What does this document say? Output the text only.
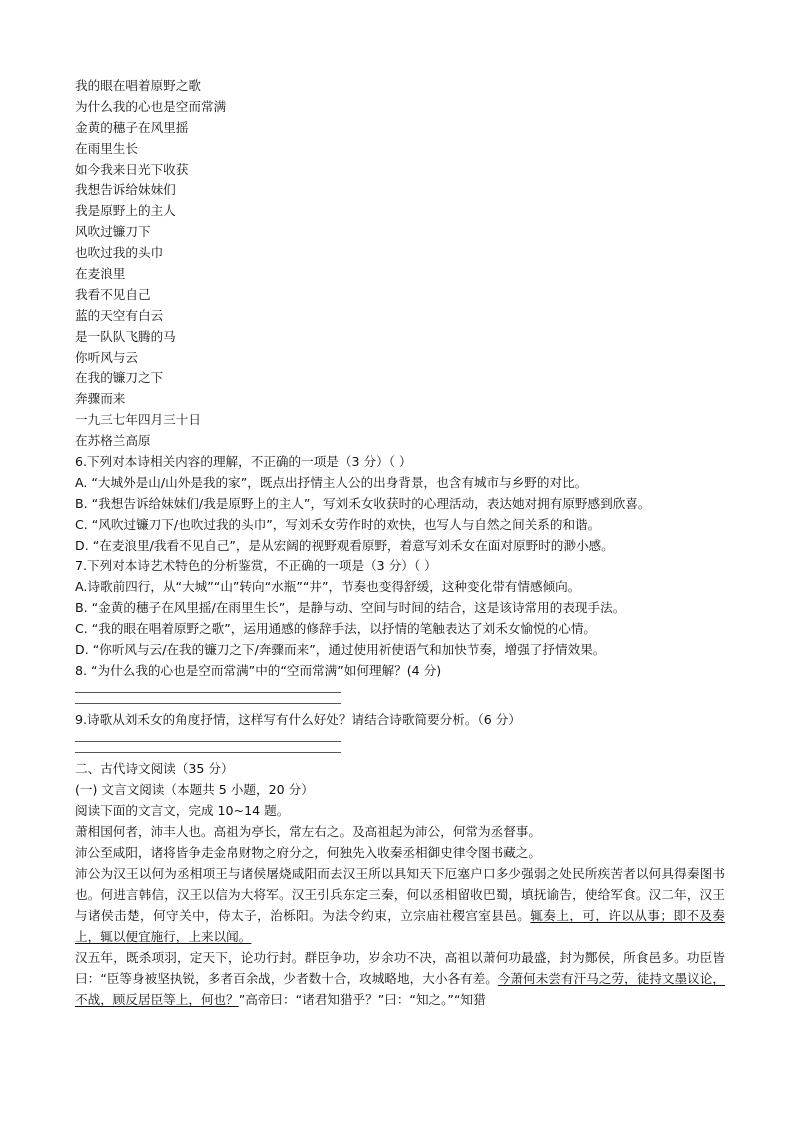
我的眼在唱着原野之歌
为什么我的心也是空而常满
金黄的穗子在风里摇
在雨里生长
如今我来日光下收获
我想告诉给妹妹们
我是原野上的主人
风吹过镰刀下
也吹过我的头巾
在麦浪里
我看不见自己
蓝的天空有白云
是一队队飞腾的马
你听风与云
在我的镰刀之下
奔骤而来
一九三七年四月三十日
在苏格兰高原
6.下列对本诗相关内容的理解，不正确的一项是（3 分）（ ）
A. “大城外是山/山外是我的家”，既点出抒情主人公的出身背景，也含有城市与乡野的对比。
B. “我想告诉给妹妹们/我是原野上的主人”，写刘禾女收获时的心理活动，表达她对拥有原野感到欣喜。
C. “风吹过镰刀下/也吹过我的头巾”，写刘禾女劳作时的欢快，也写人与自然之间关系的和谐。
D. “在麦浪里/我看不见自己”，是从宏阔的视野观看原野，着意写刘禾女在面对原野时的渺小感。
7.下列对本诗艺术特色的分析鉴赏，不正确的一项是（3 分）（ ）
A.诗歌前四行，从“大城”“山”转向“水瓶”“井”，节奏也变得舒缓，这种变化带有情感倾向。
B. “金黄的穗子在风里摇/在雨里生长”，是静与动、空间与时间的结合，这是该诗常用的表现手法。
C. “我的眼在唱着原野之歌”，运用通感的修辞手法，以抒情的笔触表达了刘禾女愉悦的心情。
D. “你听风与云/在我的镰刀之下/奔骤而来”，通过使用祈使语气和加快节奏，增强了抒情效果。
8. “为什么我的心也是空而常满”中的“空而常满”如何理解？(4 分)
9.诗歌从刘禾女的角度抒情，这样写有什么好处？请结合诗歌简要分析。（6 分）
二、古代诗文阅读（35 分）
(一) 文言文阅读（本题共 5 小题，20 分）
阅读下面的文言文，完成 10~14 题。
萧相国何者，沛丰人也。高祖为亭长，常左右之。及高祖起为沛公，何常为丞督事。
沛公至咸阳，诸将皆争走金帛财物之府分之，何独先入收秦丞相御史律令图书藏之。
沛公为汉王以何为丞相项王与诸侯屠烧咸阳而去汉王所以具知天下厄塞户口多少强弱之处民所疾苦者以何具得秦图书也。何进言韩信，汉王以信为大将军。汉王引兵东定三秦，何以丞相留收巴蜀，填抚谕告，使给军食。汉二年，汉王与诸侯击楚，何守关中，侍太子，治栎阳。为法令约束，立宗庙社稷宫室县邑。辄奏上，可，许以从事；即不及奏上，辄以便宜施行，上来以闻。
汉五年，既杀项羽，定天下，论功行封。群臣争功，岁余功不决，高祖以萧何功最盛，封为酂侯，所食邑多。功臣皆曰：“臣等身被坚执锐，多者百余战，少者数十合，攻城略地，大小各有差。今萧何未尝有汗马之劳，徒持文墨议论，不战，顾反居臣等上，何也？”高帝曰：“诸君知猎乎？”曰：“知之。”“知猎
